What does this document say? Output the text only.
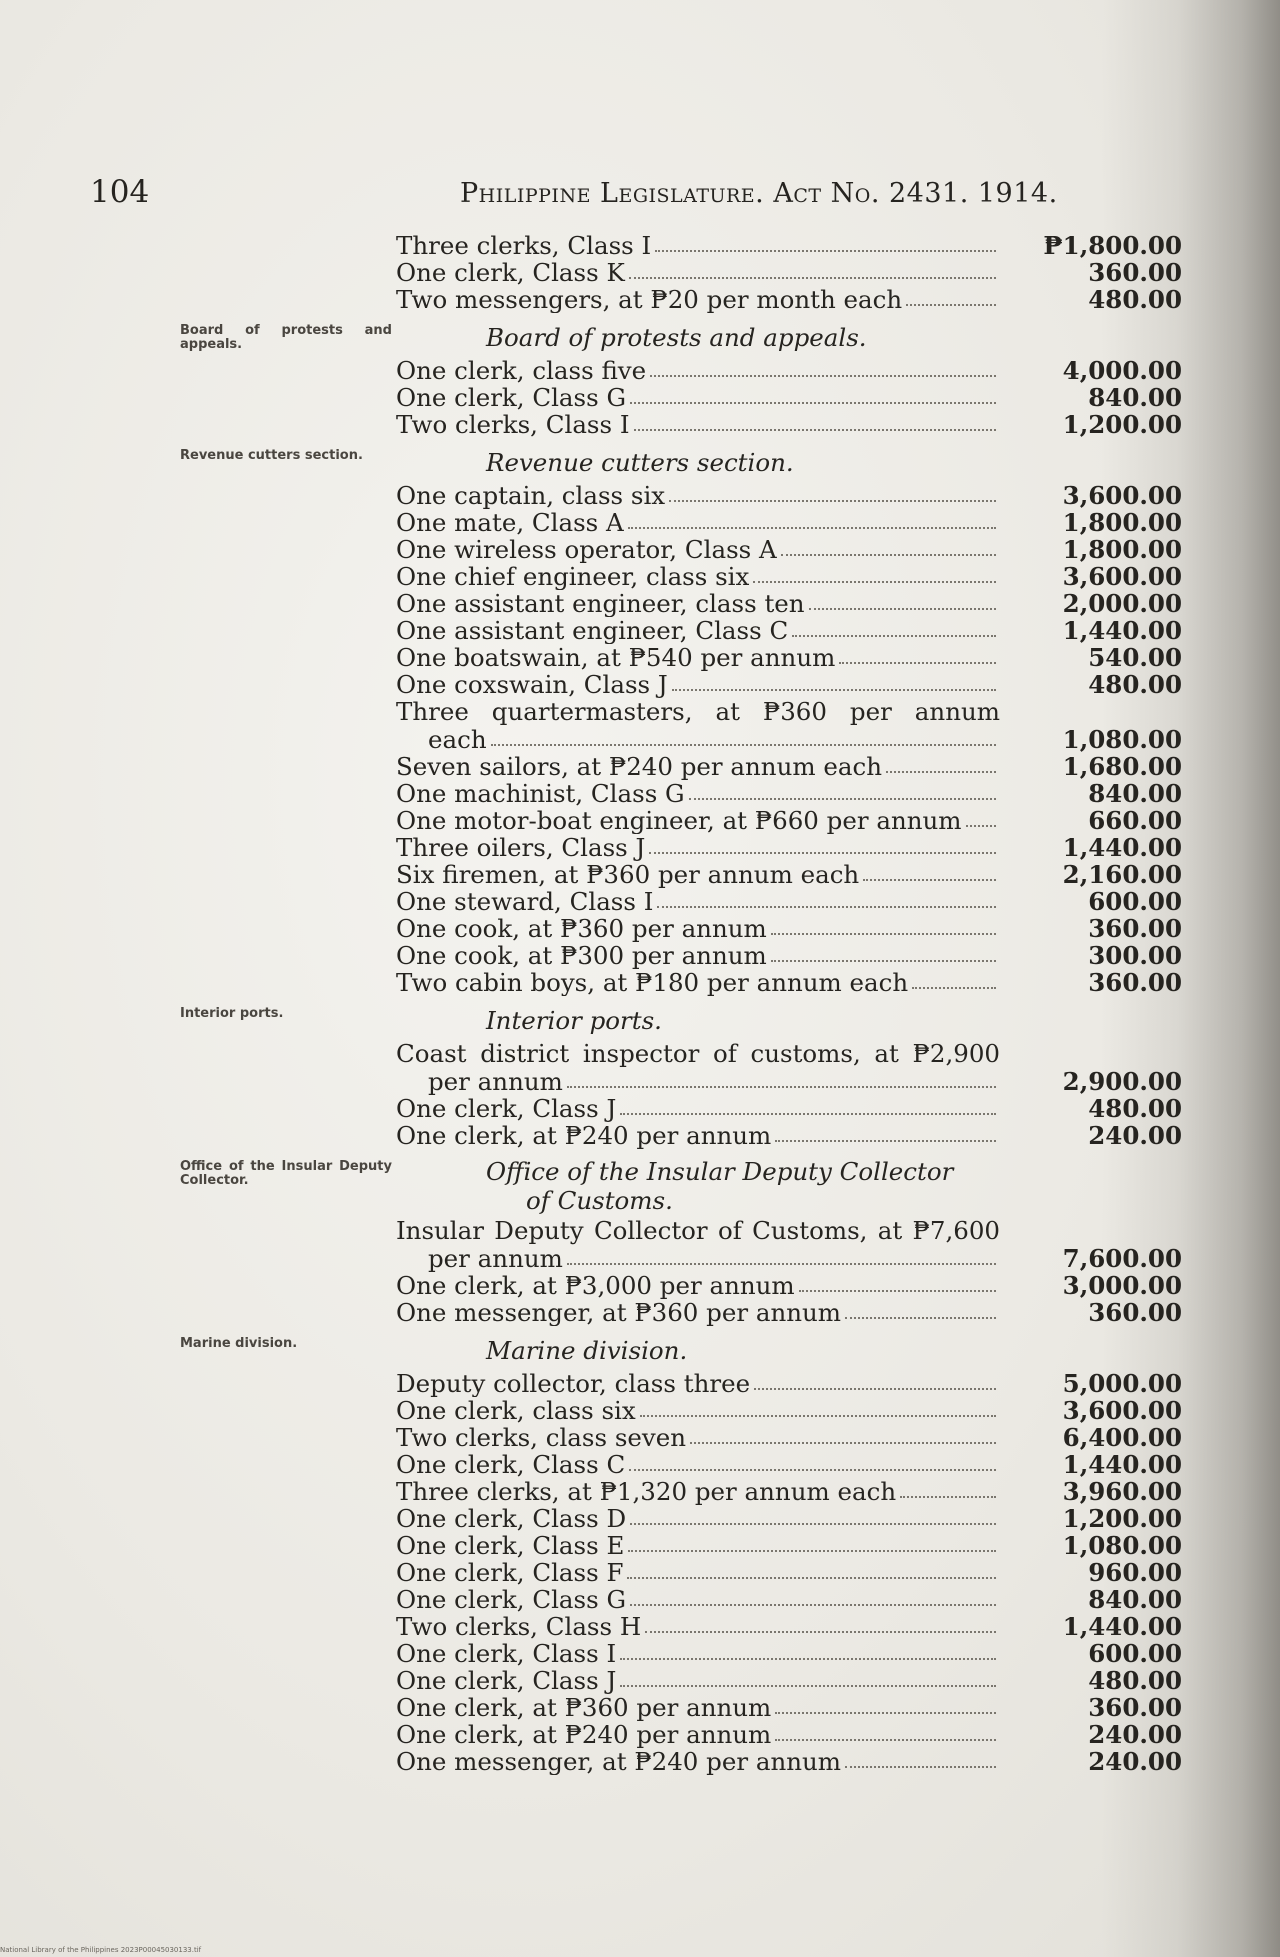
104	Philippine Legislature. Act No. 2431. 1914.
Three clerks, Class I	₱1,800.00
One clerk, Class K	360.00
Two messengers, at ₱20 per month each	480.00
Board of protests and appeals.
One clerk, class five	4,000.00
One clerk, Class G	840.00
Two clerks, Class I	1,200.00
Revenue cutters section.
One captain, class six	3,600.00
One mate, Class A	1,800.00
One wireless operator, Class A	1,800.00
One chief engineer, class six	3,600.00
One assistant engineer, class ten	2,000.00
One assistant engineer, Class C	1,440.00
One boatswain, at ₱540 per annum	540.00
One coxswain, Class J	480.00
Three quartermasters, at ₱360 per annum
each	1,080.00
Seven sailors, at ₱240 per annum each	1,680.00
One machinist, Class G	840.00
One motor-boat engineer, at ₱660 per annum	660.00
Three oilers, Class J	1,440.00
Six firemen, at ₱360 per annum each	2,160.00
One steward, Class I	600.00
One cook, at ₱360 per annum	360.00
One cook, at ₱300 per annum	300.00
Two cabin boys, at ₱180 per annum each	360.00
Interior ports.
Coast district inspector of customs, at ₱2,900
per annum	2,900.00
One clerk, Class J	480.00
One clerk, at ₱240 per annum	240.00
Office of the Insular Deputy Collector
of Customs.
Insular Deputy Collector of Customs, at ₱7,600
per annum	7,600.00
One clerk, at ₱3,000 per annum	3,000.00
One messenger, at ₱360 per annum	360.00
Marine division.
Deputy collector, class three	5,000.00
One clerk, class six	3,600.00
Two clerks, class seven	6,400.00
One clerk, Class C	1,440.00
Three clerks, at ₱1,320 per annum each	3,960.00
One clerk, Class D	1,200.00
One clerk, Class E	1,080.00
One clerk, Class F	960.00
One clerk, Class G	840.00
Two clerks, Class H	1,440.00
One clerk, Class I	600.00
One clerk, Class J	480.00
One clerk, at ₱360 per annum	360.00
One clerk, at ₱240 per annum	240.00
One messenger, at ₱240 per annum	240.00
National Library of the Philippines 2023P00045030133.tif
Board of protests and appeals.
Revenue cutters section.
Interior ports.
Office of the Insular Deputy Collector.
Marine division.
